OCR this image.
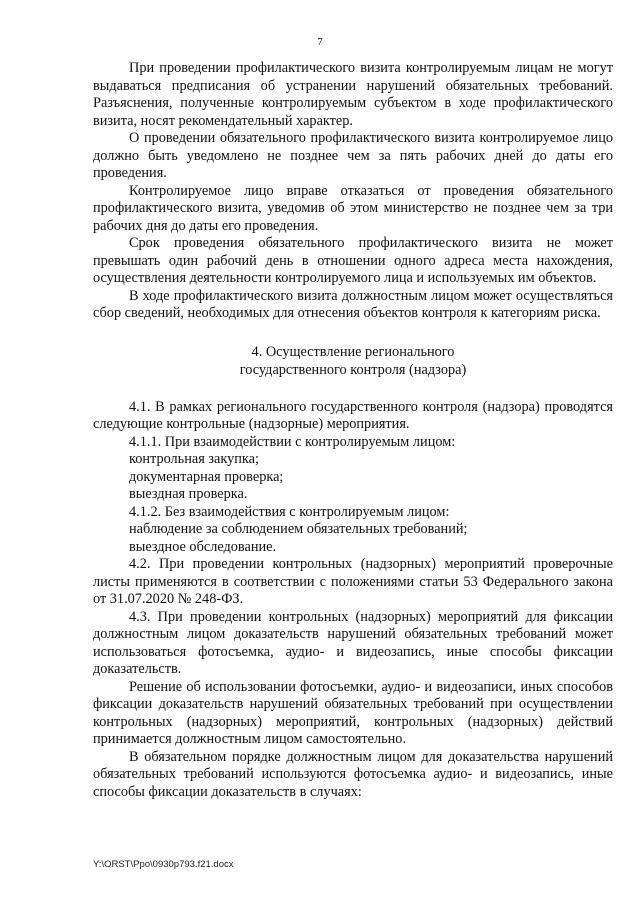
7

При проведении профилактического визита контролируемым лицам не могут выдаваться предписания об устранении нарушений обязательных требований. Разъяснения, полученные контролируемым субъектом в ходе профилактического визита, носят рекомендательный характер.

О проведении обязательного профилактического визита контролируемое лицо должно быть уведомлено не позднее чем за пять рабочих дней до даты его проведения.

Контролируемое лицо вправе отказаться от проведения обязательного профилактического визита, уведомив об этом министерство не позднее чем за три рабочих дня до даты его проведения.

Срок проведения обязательного профилактического визита не может превышать один рабочий день в отношении одного адреса места нахождения, осуществления деятельности контролируемого лица и используемых им объектов.

В ходе профилактического визита должностным лицом может осуществляться сбор сведений, необходимых для отнесения объектов контроля к категориям риска.

4. Осуществление регионального
государственного контроля (надзора)

4.1. В рамках регионального государственного контроля (надзора) проводятся следующие контрольные (надзорные) мероприятия.

4.1.1. При взаимодействии с контролируемым лицом:

контрольная закупка;

документарная проверка;

выездная проверка.

4.1.2. Без взаимодействия с контролируемым лицом:

наблюдение за соблюдением обязательных требований;

выездное обследование.

4.2. При проведении контрольных (надзорных) мероприятий проверочные листы применяются в соответствии с положениями статьи 53 Федерального закона от 31.07.2020 № 248-ФЗ.

4.3. При проведении контрольных (надзорных) мероприятий для фиксации должностным лицом доказательств нарушений обязательных требований может использоваться фотосъемка, аудио- и видеозапись, иные способы фиксации доказательств.

Решение об использовании фотосъемки, аудио- и видеозаписи, иных способов фиксации доказательств нарушений обязательных требований при осуществлении контрольных (надзорных) мероприятий, контрольных (надзорных) действий принимается должностным лицом самостоятельно.

В обязательном порядке должностным лицом для доказательства нарушений обязательных требований используются фотосъемка аудио- и видеозапись, иные способы фиксации доказательств в случаях:

Y:\ORST\Ppo\0930p793.f21.docx
